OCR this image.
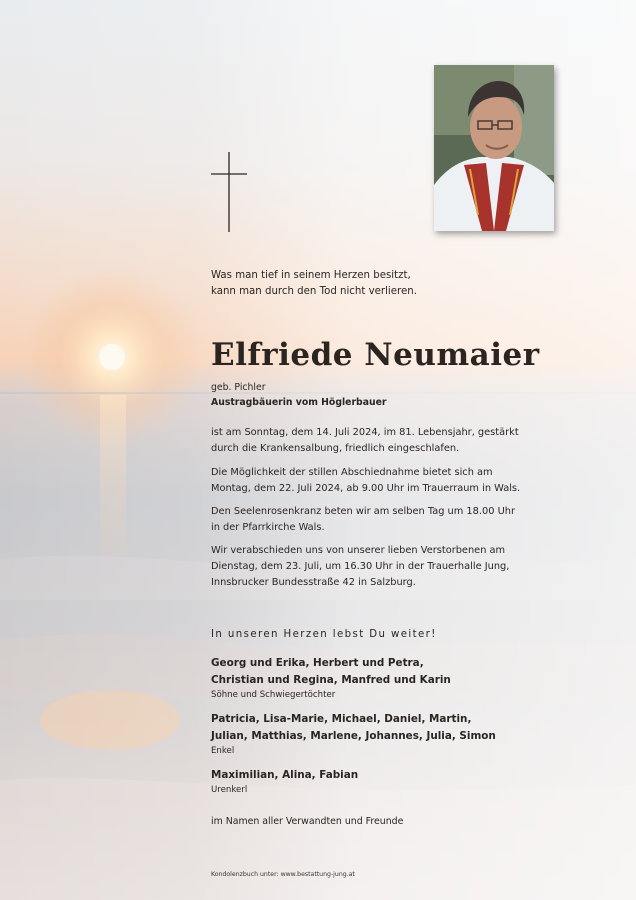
Was man tief in seinem Herzen besitzt,
kann man durch den Tod nicht verlieren.

Elfriede Neumaier

geb. Pichler
Austragbäuerin vom Höglerbauer

ist am Sonntag, dem 14. Juli 2024, im 81. Lebensjahr, gestärkt
durch die Krankensalbung, friedlich eingeschlafen.

Die Möglichkeit der stillen Abschiednahme bietet sich am
Montag, dem 22. Juli 2024, ab 9.00 Uhr im Trauerraum in Wals.

Den Seelenrosenkranz beten wir am selben Tag um 18.00 Uhr
in der Pfarrkirche Wals.

Wir verabschieden uns von unserer lieben Verstorbenen am
Dienstag, dem 23. Juli, um 16.30 Uhr in der Trauerhalle Jung,
Innsbrucker Bundesstraße 42 in Salzburg.

In unseren Herzen lebst Du weiter!

Georg und Erika, Herbert und Petra,
Christian und Regina, Manfred und Karin

Söhne und Schwiegertöchter

Patricia, Lisa-Marie, Michael, Daniel, Martin,
Julian, Matthias, Marlene, Johannes, Julia, Simon

Enkel

Maximilian, Alina, Fabian

Urenkerl

im Namen aller Verwandten und Freunde

Kondolenzbuch unter: www.bestattung-jung.at
